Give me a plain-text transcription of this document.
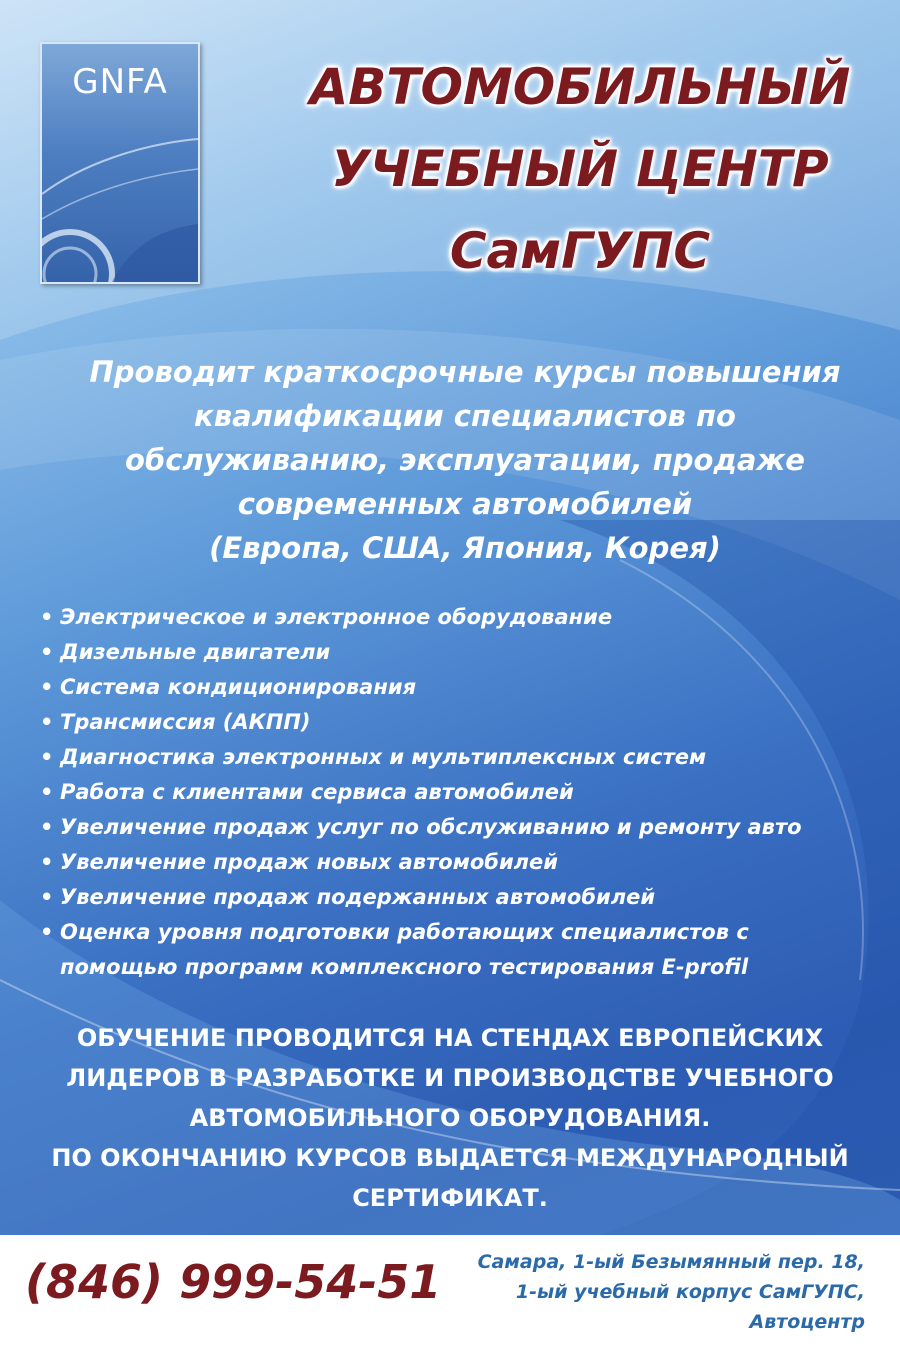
GNFA	АВТОМОБИЛЬНЫЙ
УЧЕБНЫЙ ЦЕНТР
СамГУПС
Проводит краткосрочные курсы повышения
квалификации специалистов по
обслуживанию, эксплуатации, продаже
современных автомобилей
(Европа, США, Япония, Корея)
• Электрическое и электронное оборудование
• Дизельные двигатели
• Система кондиционирования
• Трансмиссия (АКПП)
• Диагностика электронных и мультиплексных систем
• Работа с клиентами сервиса автомобилей
• Увеличение продаж услуг по обслуживанию и ремонту авто
• Увеличение продаж новых автомобилей
• Увеличение продаж подержанных автомобилей
• Оценка уровня подготовки работающих специалистов с помощью программ комплексного тестирования E-profil
ОБУЧЕНИЕ ПРОВОДИТСЯ НА СТЕНДАХ ЕВРОПЕЙСКИХ
ЛИДЕРОВ В РАЗРАБОТКЕ И ПРОИЗВОДСТВЕ УЧЕБНОГО
АВТОМОБИЛЬНОГО ОБОРУДОВАНИЯ.
ПО ОКОНЧАНИЮ КУРСОВ ВЫДАЕТСЯ МЕЖДУНАРОДНЫЙ
СЕРТИФИКАТ.
(846) 999-54-51 Самара, 1-ый Безымянный пер. 18,
1-ый учебный корпус СамГУПС,
Автоцентр
